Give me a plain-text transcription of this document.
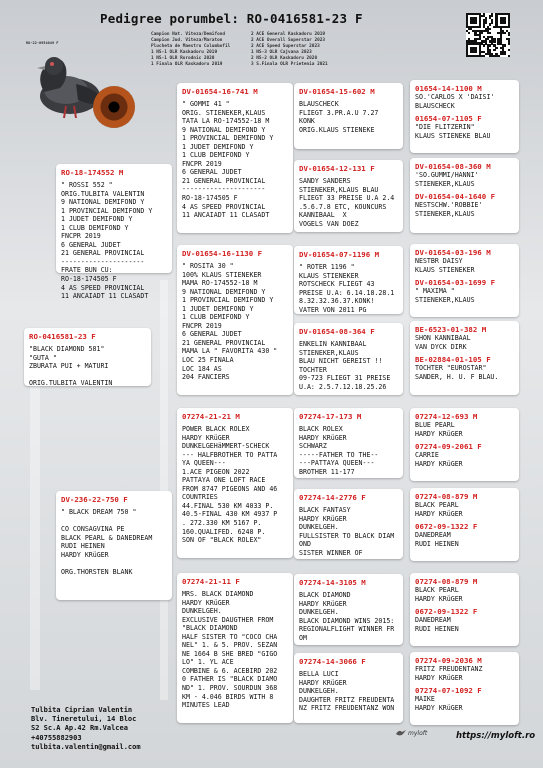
Pedigree porumbel: RO-0416581-23 F
Campion Nat. Viteza/Demifond
Campion Jud. Viteza/Maraton
Plucheta de Maestru Columbofil
1 NS-1 OLR Kaskadoru 2019
1 NS-1 OLR Rorodnic 2020
1 Finala OLR Kaskadoru 2019
2 ACE General Kaskadoru 2019
2 ACE Overall Superstar 2023
2 ACE Speed Superstar 2023
1 NS-3 OLR Cajvana 2023
2 NS-2 OLR Kaskadoru 2020
3 S.Finala OLR Prietenia 2021
RO-22-0954049 F
RO-0416581-23 F
"BLACK DIAMOND 581"
"GUTA "
ZBURATA PUI + MATURI

ORIG.TULBITA VALENTIN
RO-18-174552 M
" ROSSI 552 "
ORIG.TULBITA VALENTIN
9 NATIONAL DEMIFOND Y
1 PROVINCIAL DEMIFOND Y
1 JUDET DEMIFOND Y
1 CLUB DEMIFOND Y
FNCPR 2019
6 GENERAL JUDET
21 GENERAL PROVINCIAL
---------------------
FRATE BUN CU:
RO-18-174505 F
4 AS SPEED PROVINCIAL
11 ANCAIADT 11 CLASADT
DV-236-22-750 F
" BLACK DREAM 750 "

CO CONSAGVINA PE
BLACK PEARL & DANEDREAM
RUDI HEINEN
HARDY KRüGER

ORG.THORSTEN BLANK
DV-01654-16-741 M
" GOMMI 41 "
ORIG. STIENEKER,KLAUS
TATA LA RO-174552-18 M
9 NATIONAL DEMIFOND Y
1 PROVINCIAL DEMIFOND Y
1 JUDET DEMIFOND Y
1 CLUB DEMIFOND Y
FNCPR 2019
6 GENERAL JUDET
21 GENERAL PROVINCIAL
---------------------
RO-18-174505 F
4 AS SPEED PROVINCIAL
11 ANCAIADT 11 CLASADT
DV-01654-16-1130 F
" ROSITA 30 "
100% KLAUS STIENEKER
MAMA RO-174552-18 M
9 NATIONAL DEMIFOND Y
1 PROVINCIAL DEMIFOND Y
1 JUDET DEMIFOND Y
1 CLUB DEMIFOND Y
FNCPR 2019
6 GENERAL JUDET
21 GENERAL PROVINCIAL
MAMA LA " FAVORITA 430 "
LOC 25 FINALA
LOC 184 AS
204 FANCIERS
07274-21-21 M
POWER BLACK ROLEX
HARDY KRüGER
DUNKELGEHäMMERT-SCHECK
--- HALFBROTHER TO PATTA
YA QUEEN---
1.ACE PIGEON 2022
PATTAYA ONE LOFT RACE
FROM 8747 PIGEONS AND 46
COUNTRIES
44.FINAL 530 KM 4033 P.
40.5-FINAL 430 KM 4937 P
. 272.330 KM 5167 P.
160.QUALIFED. 6248 P.
SON OF "BLACK ROLEX"
07274-21-11 F
MRS. BLACK DIAMOND
HARDY KRüGER
DUNKELGEH.
EXCLUSIVE DAUGTHER FROM
"BLACK DIAMOND
HALF SISTER TO "COCO CHA
NEL" 1. & 5. PROV. SEZAN
NE 1664 B SHE BRED "GIGO
LO" 1. YL ACE
COMBINE & 6. ACEBIRD 202
0 FATHER IS "BLACK DIAMO
ND" 1. PROV. SOURDUN 368
KM - 4.046 BIRDS WITH 8
MINUTES LEAD
DV-01654-15-602 M
BLAUSCHECK
FLIEGT 3.PR.A.U 7.27
KONK
ORIG.KLAUS STIENEKE
DV-01654-12-131 F
SANDY SANDERS
STIENEKER,KLAUS BLAU
FLIEGT 33 PREISE U.A 2.4
.5.6.7.8 ETC, KOUNCURS
KANNIBAAL  X
VOGELS VAN DOEZ
DV-01654-07-1196 M
" ROTER 1196 "
KLAUS STIENEKER
ROTSCHECK FLIEGT 43
PREISE U.A: 6.14.18.28.1
8.32.32.36.37.KONK!
VATER VON 2011 PG
DV-01654-08-364 F
ENKELIN KANNIBAAL
STIENEKER,KLAUS
BLAU NICHT GEREIST !!
TOCHTER
09-723 FLIEGT 31 PREISE
U.A: 2.5.7.12.18.25.26
07274-17-173 M
BLACK ROLEX
HARDY KRüGER
SCHWARZ
-----FATHER TO THE--
---PATTAYA QUEEN---
BROTHER 11-177
07274-14-2776 F
BLACK FANTASY
HARDY KRüGER
DUNKELGEH.
FULLSISTER TO BLACK DIAM
OND
SISTER WINNER OF
07274-14-3105 M
BLACK DIAMOND
HARDY KRüGER
DUNKELGEH.
BLACK DIAMOND WINS 2015:
REGIONALFLIGHT WINNER FR
OM
07274-14-3066 F
BELLA LUCI
HARDY KRüGER
DUNKELGEH.
DAUGHTER FRITZ FREUDENTA
NZ FRITZ FREUDENTANZ WON
01654-14-1100 M
SO.'CARLOS X 'DAISI'
BLAUSCHECK
01654-07-1105 F
"DIE FLITZERIN"
KLAUS STIENEKE BLAU
DV-01654-08-360 M
'SO.GUMMI/HANNI'
STIENEKER,KLAUS
DV-01654-04-1640 F
NESTSCHW.'ROBBIE'
STIENEKER,KLAUS
DV-01654-03-196 M
NESTBR DAISY
KLAUS STIENEKER
DV-01654-03-1699 F
" MAXIMA "
STIENEKER,KLAUS
BE-6523-01-382 M
SHON KANNIBAAL
VAN DYCK DIRK
BE-02884-01-105 F
TOCHTER "EUROSTAR"
SANDER, H. U. F BLAU.
07274-12-693 M
BLUE PEARL
HARDY KRüGER
07274-09-2061 F
CARRIE
HARDY KRüGER
07274-08-879 M
BLACK PEARL
HARDY KRüGER
0672-09-1322 F
DANEDREAM
RUDI HEINEN
07274-08-879 M
BLACK PEARL
HARDY KRüGER
0672-09-1322 F
DANEDREAM
RUDI HEINEN
07274-09-2036 M
FRITZ FREUDENTANZ
HARDY KRüGER
07274-07-1092 F
MAIKE
HARDY KRüGER
Tulbita Ciprian Valentin
Blv. Tineretului, 14 Bloc
S2 Sc.A Ap.42 Rm.Valcea
+40755882903
tulbita.valentin@gmail.com
myloft	https://myloft.ro
